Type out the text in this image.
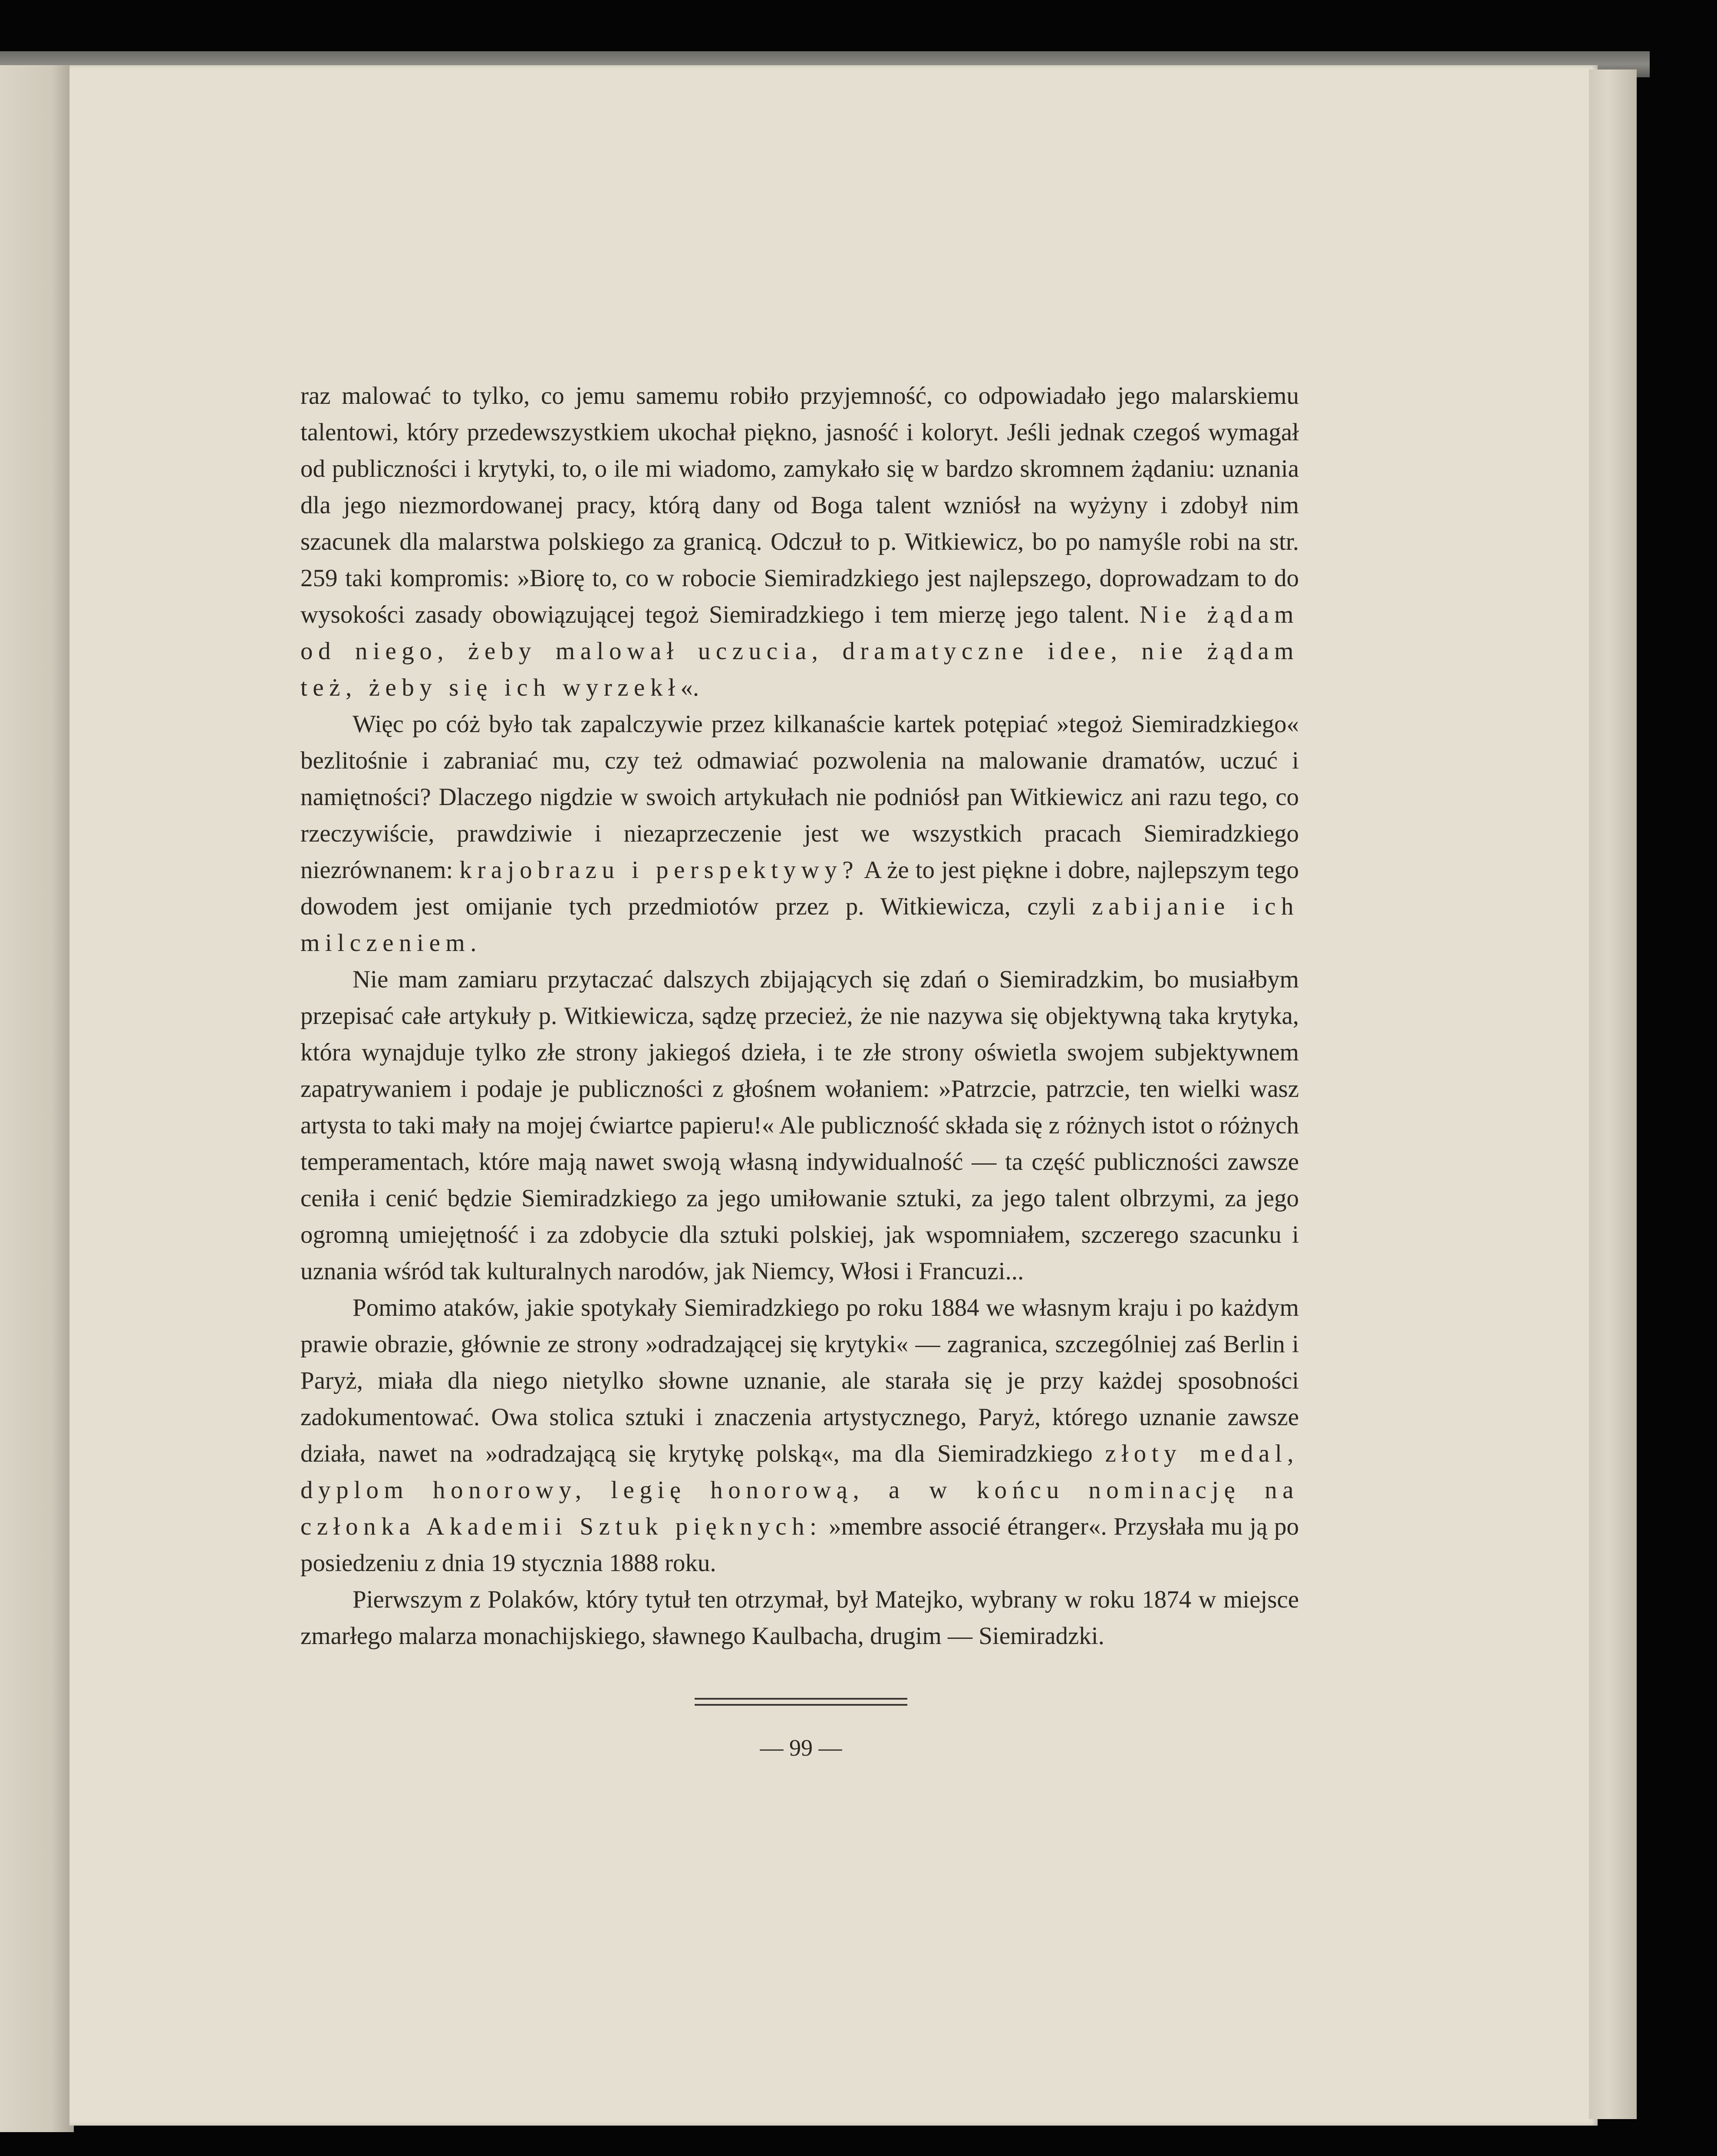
raz malować to tylko, co jemu samemu robiło przyjemność, co odpowiadało jego malarskiemu talentowi, który przedewszystkiem ukochał piękno, jasność i koloryt. Jeśli jednak czegoś wymagał od publiczności i krytyki, to, o ile mi wiadomo, zamykało się w bardzo skromnem żądaniu: uznania dla jego niezmordowanej pracy, którą dany od Boga talent wzniósł na wyżyny i zdobył nim szacunek dla malarstwa polskiego za granicą. Odczuł to p. Witkiewicz, bo po namyśle robi na str. 259 taki kompromis: »Biorę to, co w robocie Siemiradzkiego jest najlepszego, doprowadzam to do wysokości zasady obowiązującej tegoż Siemiradzkiego i tem mierzę jego talent. Nie żądam od niego, żeby malował uczucia, dramatyczne idee, nie żądam też, żeby się ich wyrzekł«.

Więc po cóż było tak zapalczywie przez kilkanaście kartek potępiać »tegoż Siemiradzkiego« bezlitośnie i zabraniać mu, czy też odmawiać pozwolenia na malowanie dramatów, uczuć i namiętności? Dlaczego nigdzie w swoich artykułach nie podniósł pan Witkiewicz ani razu tego, co rzeczywiście, prawdziwie i niezaprzeczenie jest we wszystkich pracach Siemiradzkiego niezrównanem: krajobrazu i perspektywy? A że to jest piękne i dobre, najlepszym tego dowodem jest omijanie tych przedmiotów przez p. Witkiewicza, czyli zabijanie ich milczeniem.

Nie mam zamiaru przytaczać dalszych zbijających się zdań o Siemiradzkim, bo musiałbym przepisać całe artykuły p. Witkiewicza, sądzę przecież, że nie nazywa się objektywną taka krytyka, która wynajduje tylko złe strony jakiegoś dzieła, i te złe strony oświetla swojem subjektywnem zapatrywaniem i podaje je publiczności z głośnem wołaniem: »Patrzcie, patrzcie, ten wielki wasz artysta to taki mały na mojej ćwiartce papieru!« Ale publiczność składa się z różnych istot o różnych temperamentach, które mają nawet swoją własną indywidualność — ta część publiczności zawsze ceniła i cenić będzie Siemiradzkiego za jego umiłowanie sztuki, za jego talent olbrzymi, za jego ogromną umiejętność i za zdobycie dla sztuki polskiej, jak wspomniałem, szczerego szacunku i uznania wśród tak kulturalnych narodów, jak Niemcy, Włosi i Francuzi...

Pomimo ataków, jakie spotykały Siemiradzkiego po roku 1884 we własnym kraju i po każdym prawie obrazie, głównie ze strony »odradzającej się krytyki« — zagranica, szczególniej zaś Berlin i Paryż, miała dla niego nietylko słowne uznanie, ale starała się je przy każdej sposobności zadokumentować. Owa stolica sztuki i znaczenia artystycznego, Paryż, którego uznanie zawsze działa, nawet na »odradzającą się krytykę polską«, ma dla Siemiradzkiego złoty medal, dyplom honorowy, legię honorową, a w końcu nominację na członka Akademii Sztuk pięknych: »membre associé étranger«. Przysłała mu ją po posiedzeniu z dnia 19 stycznia 1888 roku.

Pierwszym z Polaków, który tytuł ten otrzymał, był Matejko, wybrany w roku 1874 w miejsce zmarłego malarza monachijskiego, sławnego Kaulbacha, drugim — Siemiradzki.

— 99 —
